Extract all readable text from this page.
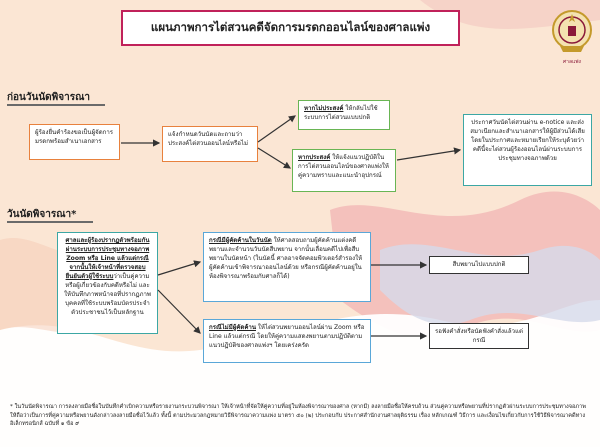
แผนภาพการไต่สวนคดีจัดการมรดกออนไลน์ของศาลแพ่ง
ศาลแพ่ง
ก่อนวันนัดพิจารณา
ผู้ร้องยื่นคำร้องขอเป็นผู้จัดการมรดกพร้อมสำเนาเอกสาร
แจ้งกำหนดวันนัดและถามว่าประสงค์ไต่สวนออนไลน์หรือไม่
หากไม่ประสงค์ ให้กลับไปใช้ระบบการไต่สวนแบบปกติ
หากประสงค์ ให้แจ้งแนวปฏิบัติในการไต่สวนออนไลน์ของศาลแพ่งให้คู่ความทราบและแนะนำอุปกรณ์
ประกาศวันนัดไต่สวนผ่าน e-notice และส่งสมาเนียกและสำเนาเอกสารให้ผู้มีส่วนได้เสีย โดยในประกาศและหมายเรียกให้ระบุด้วยว่าคดีนี้จะไต่สวนผู้ร้องออนไลน์ผ่านระบบการประชุมทางจอภาพด้วย
วันนัดพิจารณา*
ศาลและผู้ร้องปรากฏตัวพร้อมกันผ่านระบบการประชุมทางจอภาพ Zoom หรือ Line แล้วแต่กรณี จากนั้นให้เจ้าหน้าที่ตรวจสอบยืนยันตัวผู้ใช้ระบบว่าเป็นคู่ความหรือผู้เกี่ยวข้องกับคดีหรือไม่ และให้บันทึกภาพหน้าจอที่ปรากฏภาพบุคคลที่ใช้ระบบพร้อมบัตรประจำตัวประชาชนไว้เป็นหลักฐาน
กรณีมีผู้คัดค้านในวันนัด ให้ศาลสอบถามผู้คัดค้านแต่งคดีพยานและจำนวนวันนัดสืบพยาน จากนั้นเลื่อนคดีไปเพื่อสืบพยานในนัดหน้า (ในนัดนี้ ศาลอาจจัดคอมพิวเตอร์สำรองให้ผู้คัดค้านเข้าพิจารณาออนไลน์ด้วย หรือกรณีผู้คัดค้านอยู่ในห้องพิจารณาพร้อมกับศาลก็ได้)
กรณีไม่มีผู้คัดค้าน ให้ไต่สวนพยานออนไลน์ผ่าน Zoom หรือ Line แล้วแต่กรณี โดยให้คู่ความแสดงพยานตามปฏิบัติตามแนวปฏิบัติของศาลแพ่งฯ โดยเคร่งครัด
สืบพยานไปแบบปกติ
รอฟังคำสั่งหรือนัดฟังคำสั่งแล้วแต่กรณี
* ในวันนัดพิจารณา การลงลายมือชื่อในบันทึกคำเบิกความหรือรายงานกระบวนพิจารณา ให้เจ้าหน้าที่จัดให้คู่ความที่อยู่ในห้องพิจารณาของศาล (หากมี) ลงลายมือชื่อให้ครบถ้วน ส่วนคู่ความหรือพยานที่ปรากฏตัวผ่านระบบการประชุมทางจอภาพ ให้ถือว่าเป็นการที่คู่ความหรือพยานดังกล่าวลงลายมือชื่อไว้แล้ว ทั้งนี้ ตามประมวลกฎหมายวิธีพิจารณาความแพ่ง มาตรา ๕๐ (๒) ประกอบกับ ประกาศสำนักงานศาลยุติธรรม เรื่อง หลักเกณฑ์ วิธีการ และเงื่อนไขเกี่ยวกับการใช้วิธีพิจารณาคดีทางอิเล็กทรอนิกส์ ฉบับที่ ๑ ข้อ ๙
